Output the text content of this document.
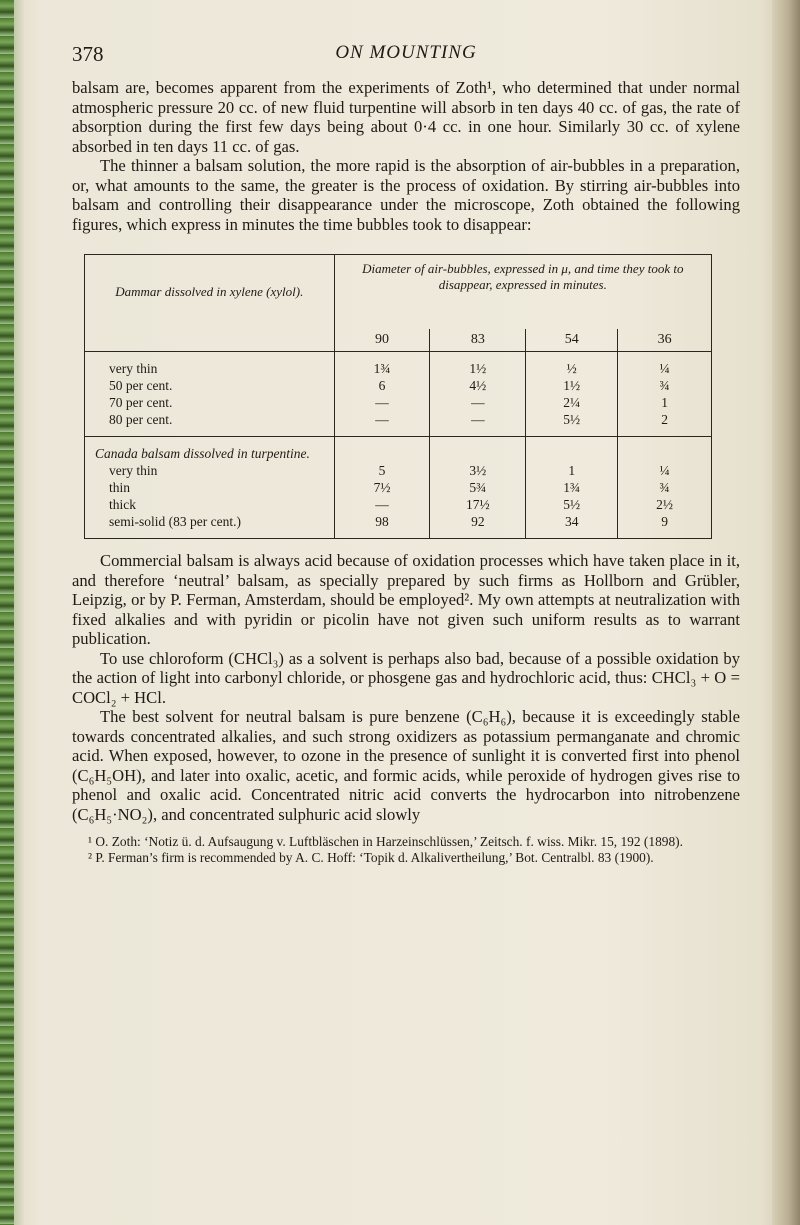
378	ON MOUNTING

balsam are, becomes apparent from the experiments of Zoth¹, who determined that under normal atmospheric pressure 20 cc. of new fluid turpentine will absorb in ten days 40 cc. of gas, the rate of absorption during the first few days being about 0·4 cc. in one hour. Similarly 30 cc. of xylene absorbed in ten days 11 cc. of gas.

The thinner a balsam solution, the more rapid is the absorption of air-bubbles in a preparation, or, what amounts to the same, the greater is the process of oxidation. By stirring air-bubbles into balsam and controlling their disappearance under the microscope, Zoth obtained the following figures, which express in minutes the time bubbles took to disappear:

Dammar dissolved in xylene (xylol).	Diameter of air-bubbles, expressed in μ, and time they took to disappear, expressed in minutes.			
	90	83	54	36
very thin	1¾	1½	½	¼
50 per cent.	6	4½	1½	¾
70 per cent.	—	—	2¼	1
80 per cent.	—	—	5½	2
Canada balsam dissolved in turpentine.				
very thin	5	3½	1	¼
thin	7½	5¾	1¾	¾
thick	—	17½	5½	2½
semi-solid (83 per cent.)	98	92	34	9

Commercial balsam is always acid because of oxidation processes which have taken place in it, and therefore ‘neutral’ balsam, as specially prepared by such firms as Hollborn and Grübler, Leipzig, or by P. Ferman, Amsterdam, should be employed². My own attempts at neutralization with fixed alkalies and with pyridin or picolin have not given such uniform results as to warrant publication.

To use chloroform (CHCl₃) as a solvent is perhaps also bad, because of a possible oxidation by the action of light into carbonyl chloride, or phosgene gas and hydrochloric acid, thus: CHCl₃ + O = COCl₂ + HCl.

The best solvent for neutral balsam is pure benzene (C₆H₆), because it is exceedingly stable towards concentrated alkalies, and such strong oxidizers as potassium permanganate and chromic acid. When exposed, however, to ozone in the presence of sunlight it is converted first into phenol (C₆H₅OH), and later into oxalic, acetic, and formic acids, while peroxide of hydrogen gives rise to phenol and oxalic acid. Concentrated nitric acid converts the hydrocarbon into nitrobenzene (C₆H₅·NO₂), and concentrated sulphuric acid slowly

¹ O. Zoth: ‘Notiz ü. d. Aufsaugung v. Luftbläschen in Harzeinschlüssen,’ Zeitsch. f. wiss. Mikr. 15, 192 (1898).

² P. Ferman’s firm is recommended by A. C. Hoff: ‘Topik d. Alkalivertheilung,’ Bot. Centralbl. 83 (1900).
